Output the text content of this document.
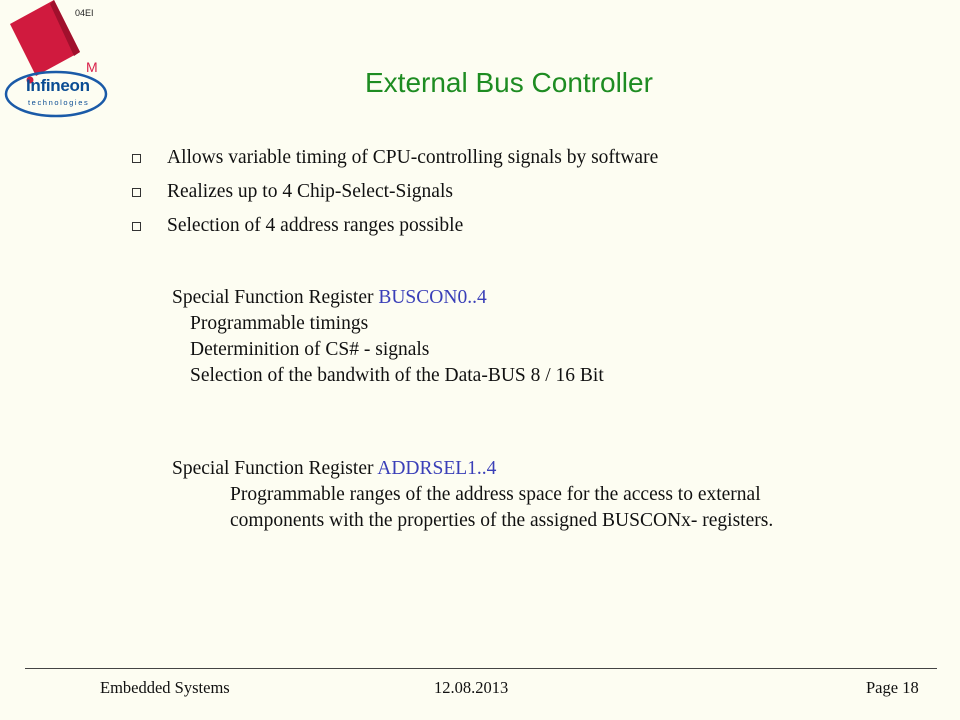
04EI
M
Infineon
technologies
External Bus Controller
Allows variable timing of CPU-controlling signals by software
Realizes up to 4 Chip-Select-Signals
Selection of 4 address ranges possible
Special Function Register BUSCON0..4
Programmable timings
Determinition of CS# - signals
Selection of the bandwith of the Data-BUS 8 / 16 Bit
Special Function Register ADDRSEL1..4
Programmable ranges of the address space for the access to external
components with the properties of the assigned BUSCONx- registers.
Embedded Systems	12.08.2013	Page 18
